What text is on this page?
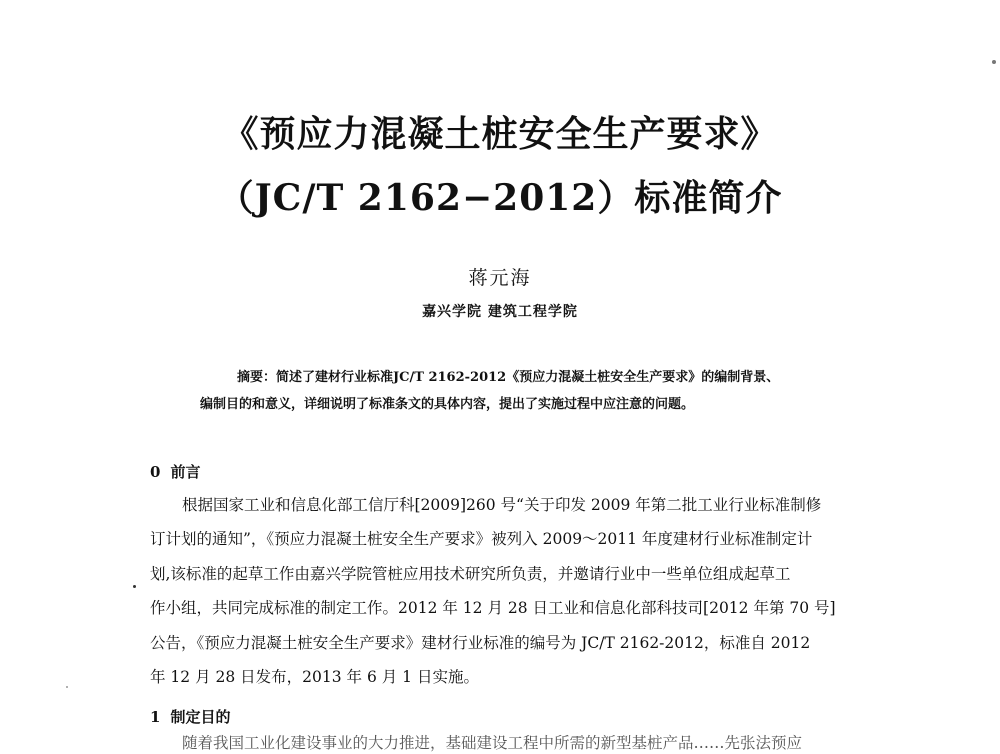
《预应力混凝土桩安全生产要求》
（JC/T 2162−2012）标准简介
蒋元海
嘉兴学院 建筑工程学院
摘要：简述了建材行业标准JC/T 2162-2012《预应力混凝土桩安全生产要求》的编制背景、
编制目的和意义，详细说明了标准条文的具体内容，提出了实施过程中应注意的问题。
0 前言
根据国家工业和信息化部工信厅科[2009]260 号“关于印发 2009 年第二批工业行业标准制修
订计划的通知”，《预应力混凝土桩安全生产要求》被列入 2009～2011 年度建材行业标准制定计
划,该标准的起草工作由嘉兴学院管桩应用技术研究所负责，并邀请行业中一些单位组成起草工
作小组，共同完成标准的制定工作。2012 年 12 月 28 日工业和信息化部科技司[2012 年第 70 号]
公告，《预应力混凝土桩安全生产要求》建材行业标准的编号为 JC/T 2162-2012，标准自 2012
年 12 月 28 日发布，2013 年 6 月 1 日实施。
1 制定目的
随着我国工业化建设事业的大力推进，基础建设工程中所需的新型基桩产品……先张法预应
